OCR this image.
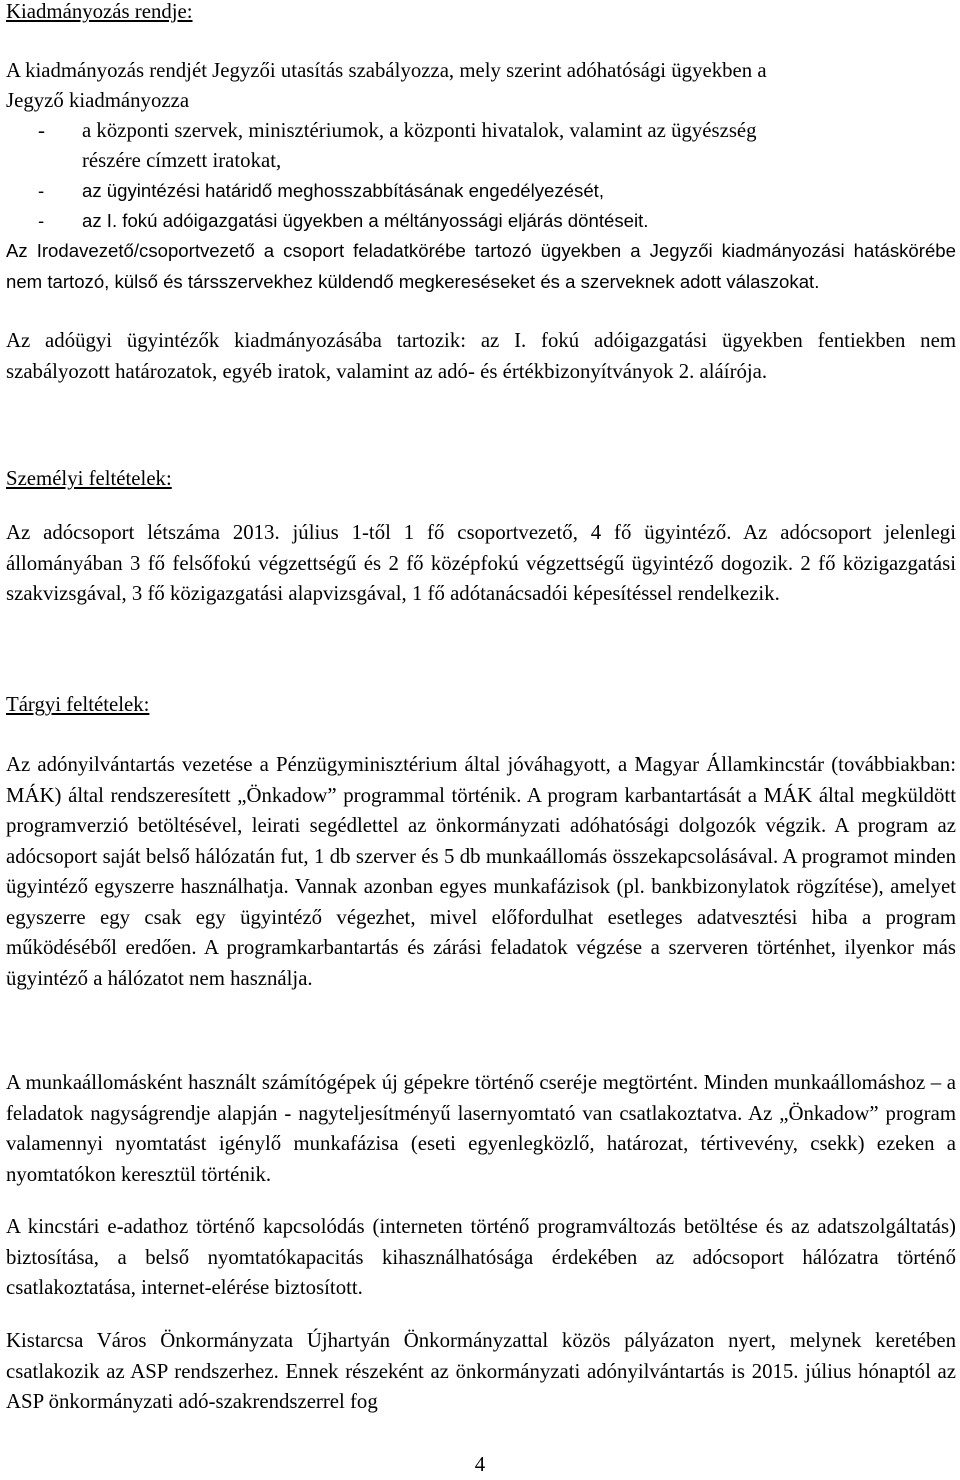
Kiadmányozás rendje:

A kiadmányozás rendjét Jegyzői utasítás szabályozza, mely szerint adóhatósági ügyekben a

Jegyző kiadmányozza

- a központi szervek, minisztériumok, a központi hivatalok, valamint az ügyészség

részére címzett iratokat,

- az ügyintézési határidő meghosszabbításának engedélyezését,

- az I. fokú adóigazgatási ügyekben a méltányossági eljárás döntéseit.

Az Irodavezető/csoportvezető a csoport feladatkörébe tartozó ügyekben a Jegyzői kiadmányozási hatáskörébe nem tartozó, külső és társszervekhez küldendő megkereséseket és a szerveknek adott válaszokat.

Az adóügyi ügyintézők kiadmányozásába tartozik: az I. fokú adóigazgatási ügyekben fentiekben nem szabályozott határozatok, egyéb iratok, valamint az adó- és értékbizonyítványok 2. aláírója.

Személyi feltételek:

Az adócsoport létszáma 2013. július 1-től 1 fő csoportvezető, 4 fő ügyintéző. Az adócsoport jelenlegi állományában 3 fő felsőfokú végzettségű és 2 fő középfokú végzettségű ügyintéző dogozik. 2 fő közigazgatási szakvizsgával, 3 fő közigazgatási alapvizsgával, 1 fő adótanácsadói képesítéssel rendelkezik.

Tárgyi feltételek:

Az adónyilvántartás vezetése a Pénzügyminisztérium által jóváhagyott, a Magyar Államkincstár (továbbiakban: MÁK) által rendszeresített „Önkadow” programmal történik. A program karbantartását a MÁK által megküldött programverzió betöltésével, leirati segédlettel az önkormányzati adóhatósági dolgozók végzik. A program az adócsoport saját belső hálózatán fut, 1 db szerver és 5 db munkaállomás összekapcsolásával. A programot minden ügyintéző egyszerre használhatja. Vannak azonban egyes munkafázisok (pl. bankbizonylatok rögzítése), amelyet egyszerre egy csak egy ügyintéző végezhet, mivel előfordulhat esetleges adatvesztési hiba a program működéséből eredően. A programkarbantartás és zárási feladatok végzése a szerveren történhet, ilyenkor más ügyintéző a hálózatot nem használja.

A munkaállomásként használt számítógépek új gépekre történő cseréje megtörtént. Minden munkaállomáshoz – a feladatok nagyságrendje alapján - nagyteljesítményű lasernyomtató van csatlakoztatva. Az „Önkadow” program valamennyi nyomtatást igénylő munkafázisa (eseti egyenlegközlő, határozat, tértivevény, csekk) ezeken a nyomtatókon keresztül történik.

A kincstári e-adathoz történő kapcsolódás (interneten történő programváltozás betöltése és az adatszolgáltatás) biztosítása, a belső nyomtatókapacitás kihasználhatósága érdekében az adócsoport hálózatra történő csatlakoztatása, internet-elérése biztosított.

Kistarcsa Város Önkormányzata Újhartyán Önkormányzattal közös pályázaton nyert, melynek keretében csatlakozik az ASP rendszerhez. Ennek részeként az önkormányzati adónyilvántartás is 2015. július hónaptól az ASP önkormányzati adó-szakrendszerrel fog

4
